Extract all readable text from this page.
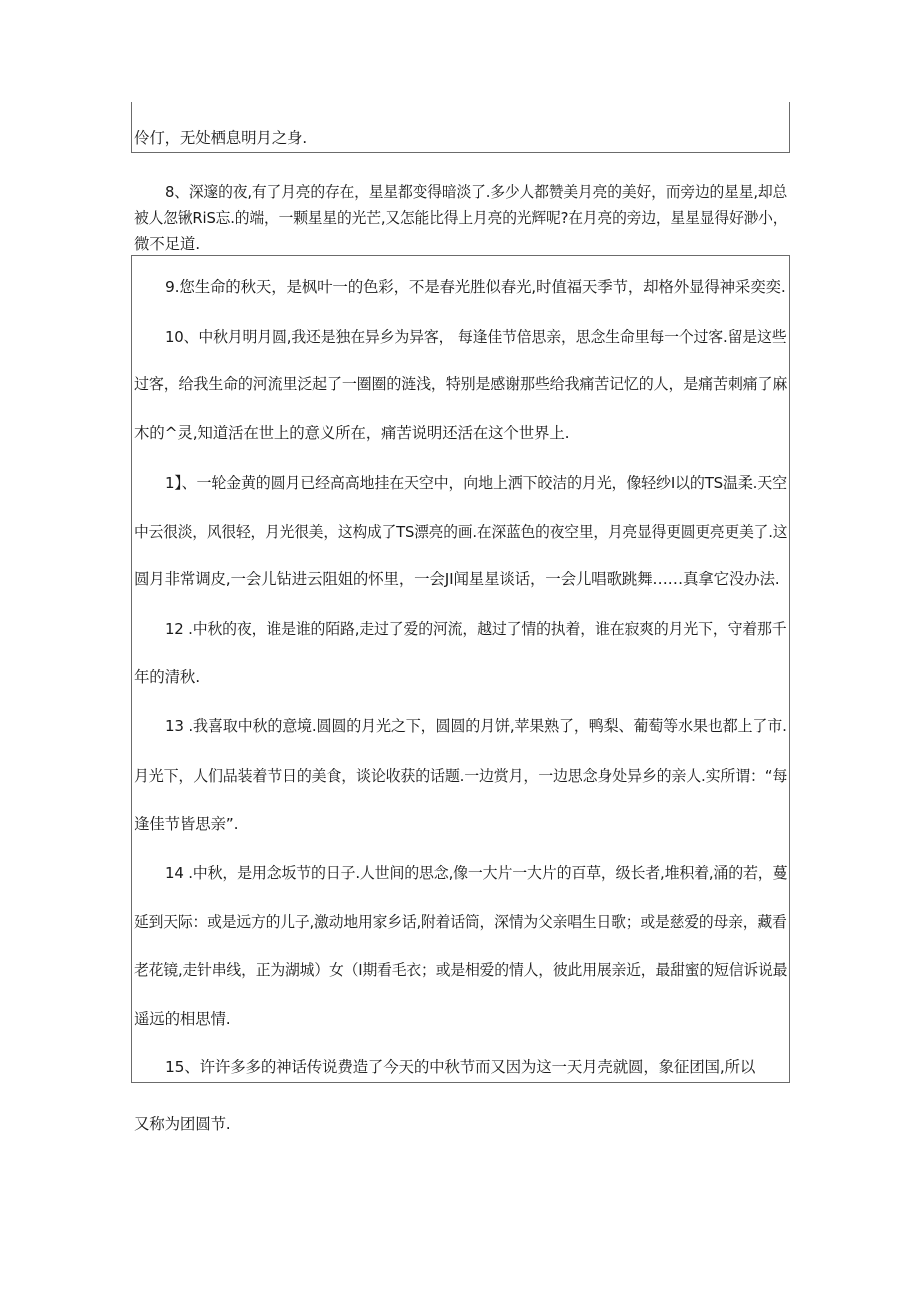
伶仃，无处栖息明月之身.
8、深邃的夜,有了月亮的存在，星星都变得暗淡了.多少人都赞美月亮的美好，而旁边的星星,却总
被人忽锹RiS忘.的端，一颗星星的光芒,又怎能比得上月亮的光辉呢?在月亮的旁边，星星显得好渺小，
微不足道.
9.您生命的秋天，是枫叶一的色彩，不是春光胜似春光,时值福天季节，却格外显得神采奕奕.
10、中秋月明月圆,我还是独在异乡为异客， 每逢佳节倍思亲，思念生命里每一个过客.留是这些
过客，给我生命的河流里泛起了一圈圈的涟浅，特别是感谢那些给我痛苦记忆的人，是痛苦刺痛了麻
木的^灵,知道活在世上的意义所在，痛苦说明还活在这个世界上.
1】、一轮金黄的圆月已经高高地挂在天空中，向地上洒下皎洁的月光，像轻纱I以的TS温柔.天空
中云很淡，风很轻，月光很美，这构成了TS漂亮的画.在深蓝色的夜空里，月亮显得更圆更亮更美了.这
圆月非常调皮,一会儿钻进云阻姐的怀里，一会JI闻星星谈话，一会儿唱歌跳舞……真拿它没办法.
12 .中秋的夜，谁是谁的陌路,走过了爱的河流，越过了情的执着，谁在寂爽的月光下，守着那千
年的清秋.
13 .我喜取中秋的意境.圆圆的月光之下，圆圆的月饼,苹果熟了，鸭梨、葡萄等水果也都上了市.
月光下，人们品装着节日的美食，谈论收获的话题.一边赏月，一边思念身处异乡的亲人.实所谓：“每
逢佳节皆思亲”.
14 .中秋，是用念坂节的日子.人世间的思念,像一大片一大片的百草，级长者,堆积着,涌的若，蔓
延到天际：或是远方的儿子,激动地用家乡话,附着话筒，深情为父亲唱生日歌；或是慈爱的母亲，藏看
老花镜,走针串线，正为湖城）女（I期看毛衣；或是相爱的情人，彼此用展亲近，最甜蜜的短信诉说最
遥远的相思情.
15、许许多多的神话传说费造了今天的中秋节而又因为这一天月壳就圆，象征团国,所以
又称为团圆节.
